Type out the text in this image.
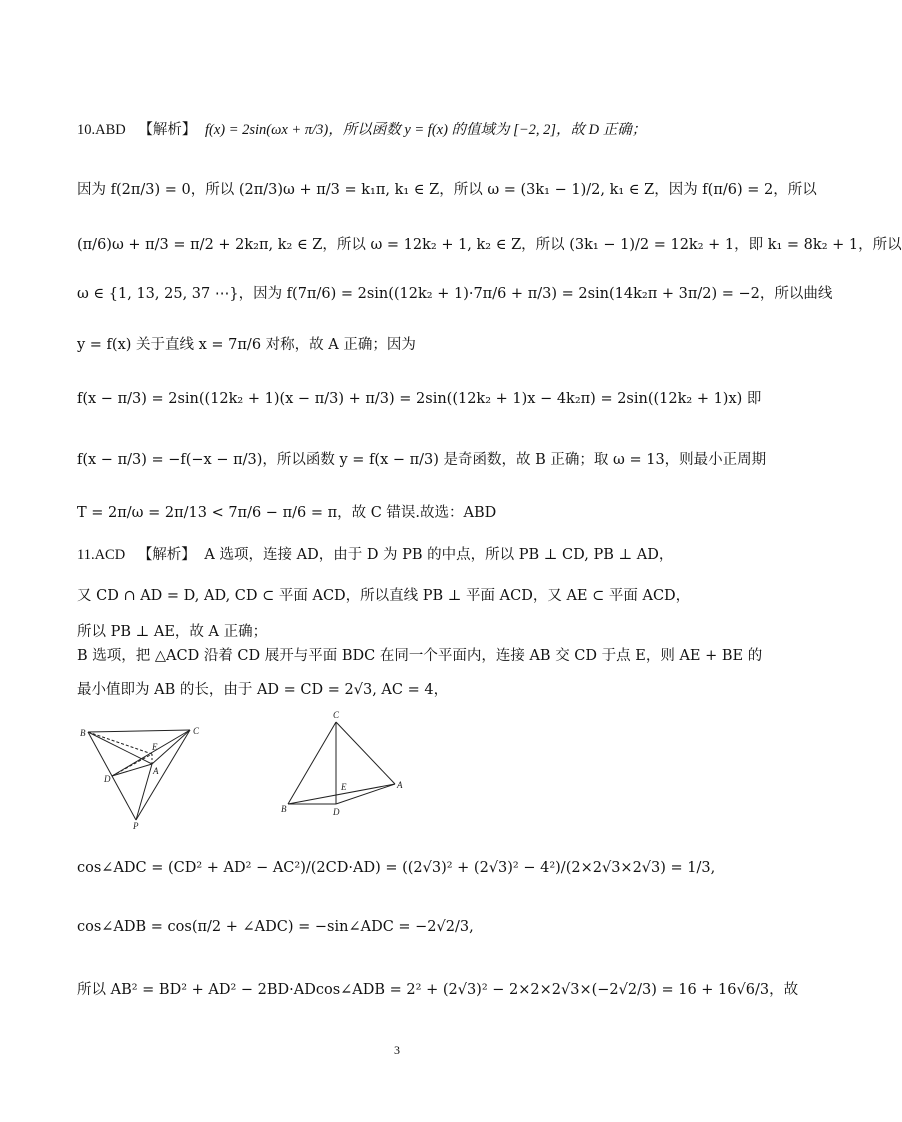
10.ABD 【解析】 f(x) = 2sin(ωx + π/3)，所以函数 y = f(x) 的值域为 [−2, 2]，故 D 正确；
因为 f(2π/3) = 0，所以 (2π/3)ω + π/3 = k₁π, k₁ ∈ Z，所以 ω = (3k₁ − 1)/2, k₁ ∈ Z，因为 f(π/6) = 2，所以
(π/6)ω + π/3 = π/2 + 2k₂π, k₂ ∈ Z，所以 ω = 12k₂ + 1, k₂ ∈ Z，所以 (3k₁ − 1)/2 = 12k₂ + 1，即 k₁ = 8k₂ + 1，所以
ω ∈ {1, 13, 25, 37 ⋯}，因为 f(7π/6) = 2sin((12k₂ + 1)·7π/6 + π/3) = 2sin(14k₂π + 3π/2) = −2，所以曲线
y = f(x) 关于直线 x = 7π/6 对称，故 A 正确；因为
f(x − π/3) = 2sin((12k₂ + 1)(x − π/3) + π/3) = 2sin((12k₂ + 1)x − 4k₂π) = 2sin((12k₂ + 1)x) 即
f(x − π/3) = −f(−x − π/3)，所以函数 y = f(x − π/3) 是奇函数，故 B 正确；取 ω = 13，则最小正周期
T = 2π/ω = 2π/13 < 7π/6 − π/6 = π，故 C 错误.故选：ABD
11.ACD 【解析】 A 选项，连接 AD，由于 D 为 PB 的中点，所以 PB ⊥ CD, PB ⊥ AD，
又 CD ∩ AD = D, AD, CD ⊂ 平面 ACD，所以直线 PB ⊥ 平面 ACD，又 AE ⊂ 平面 ACD，
所以 PB ⊥ AE，故 A 正确；
B 选项，把 △ACD 沿着 CD 展开与平面 BDC 在同一个平面内，连接 AB 交 CD 于点 E，则 AE + BE 的
最小值即为 AB 的长，由于 AD = CD = 2√3, AC = 4，
B	C
E
A
D
P
C
E	A
B	D
cos∠ADC = (CD² + AD² − AC²)/(2CD·AD) = ((2√3)² + (2√3)² − 4²)/(2×2√3×2√3) = 1/3,
cos∠ADB = cos(π/2 + ∠ADC) = −sin∠ADC = −2√2/3,
所以 AB² = BD² + AD² − 2BD·ADcos∠ADB = 2² + (2√3)² − 2×2×2√3×(−2√2/3) = 16 + 16√6/3，故
3
